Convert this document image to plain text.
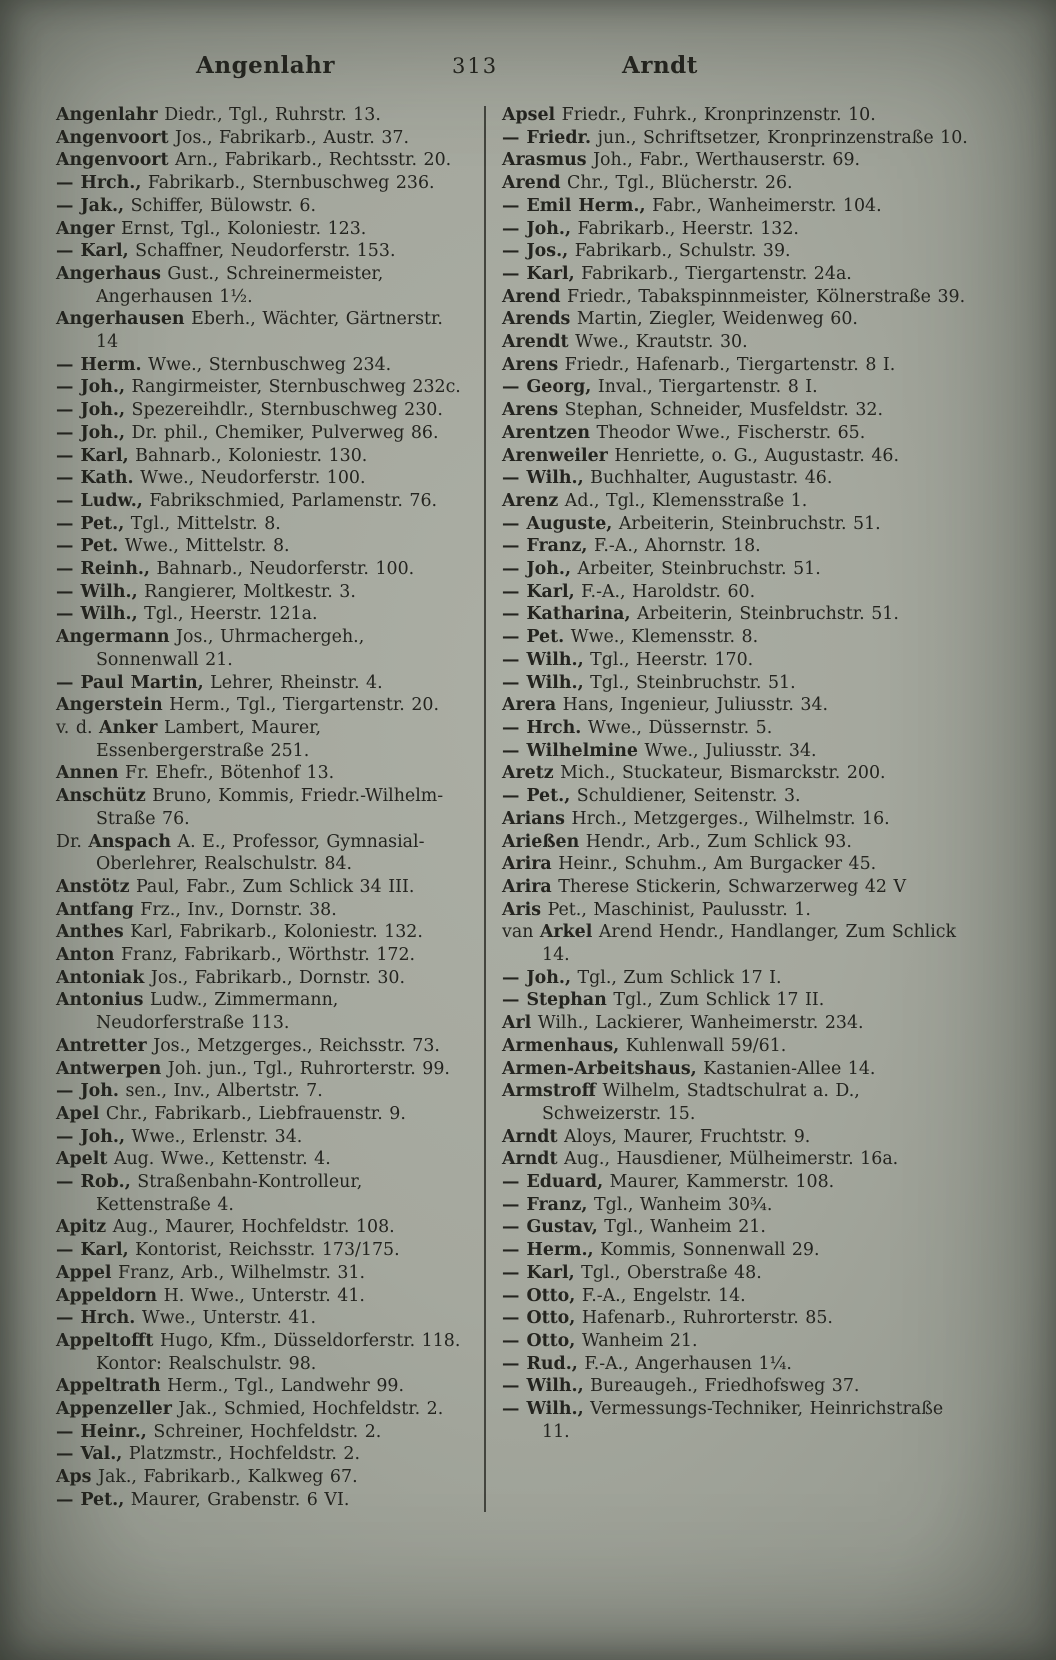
Angenlahr	313	Arndt

Angenlahr Diedr., Tgl., Ruhrstr. 13.

Angenvoort Jos., Fabrikarb., Austr. 37.

Angenvoort Arn., Fabrikarb., Rechtsstr. 20.

— Hrch., Fabrikarb., Sternbuschweg 236.

— Jak., Schiffer, Bülowstr. 6.

Anger Ernst, Tgl., Koloniestr. 123.

— Karl, Schaffner, Neudorferstr. 153.

Angerhaus Gust., Schreinermeister, Angerhausen 1½.

Angerhausen Eberh., Wächter, Gärtnerstr. 14

— Herm. Wwe., Sternbuschweg 234.

— Joh., Rangirmeister, Sternbuschweg 232c.

— Joh., Spezereihdlr., Sternbuschweg 230.

— Joh., Dr. phil., Chemiker, Pulverweg 86.

— Karl, Bahnarb., Koloniestr. 130.

— Kath. Wwe., Neudorferstr. 100.

— Ludw., Fabrikschmied, Parlamenstr. 76.

— Pet., Tgl., Mittelstr. 8.

— Pet. Wwe., Mittelstr. 8.

— Reinh., Bahnarb., Neudorferstr. 100.

— Wilh., Rangierer, Moltkestr. 3.

— Wilh., Tgl., Heerstr. 121a.

Angermann Jos., Uhrmachergeh., Sonnenwall 21.

— Paul Martin, Lehrer, Rheinstr. 4.

Angerstein Herm., Tgl., Tiergartenstr. 20.

v. d. Anker Lambert, Maurer, Essenbergerstraße 251.

Annen Fr. Ehefr., Bötenhof 13.

Anschütz Bruno, Kommis, Friedr.-Wilhelm-Straße 76.

Dr. Anspach A. E., Professor, Gymnasial-Oberlehrer, Realschulstr. 84.

Anstötz Paul, Fabr., Zum Schlick 34 III.

Antfang Frz., Inv., Dornstr. 38.

Anthes Karl, Fabrikarb., Koloniestr. 132.

Anton Franz, Fabrikarb., Wörthstr. 172.

Antoniak Jos., Fabrikarb., Dornstr. 30.

Antonius Ludw., Zimmermann, Neudorferstraße 113.

Antretter Jos., Metzgerges., Reichsstr. 73.

Antwerpen Joh. jun., Tgl., Ruhrorterstr. 99.

— Joh. sen., Inv., Albertstr. 7.

Apel Chr., Fabrikarb., Liebfrauenstr. 9.

— Joh., Wwe., Erlenstr. 34.

Apelt Aug. Wwe., Kettenstr. 4.

— Rob., Straßenbahn-Kontrolleur, Kettenstraße 4.

Apitz Aug., Maurer, Hochfeldstr. 108.

— Karl, Kontorist, Reichsstr. 173/175.

Appel Franz, Arb., Wilhelmstr. 31.

Appeldorn H. Wwe., Unterstr. 41.

— Hrch. Wwe., Unterstr. 41.

Appeltofft Hugo, Kfm., Düsseldorferstr. 118. Kontor: Realschulstr. 98.

Appeltrath Herm., Tgl., Landwehr 99.

Appenzeller Jak., Schmied, Hochfeldstr. 2.

— Heinr., Schreiner, Hochfeldstr. 2.

— Val., Platzmstr., Hochfeldstr. 2.

Aps Jak., Fabrikarb., Kalkweg 67.

— Pet., Maurer, Grabenstr. 6 VI.

Apsel Friedr., Fuhrk., Kronprinzenstr. 10.

— Friedr. jun., Schriftsetzer, Kronprinzenstraße 10.

Arasmus Joh., Fabr., Werthauserstr. 69.

Arend Chr., Tgl., Blücherstr. 26.

— Emil Herm., Fabr., Wanheimerstr. 104.

— Joh., Fabrikarb., Heerstr. 132.

— Jos., Fabrikarb., Schulstr. 39.

— Karl, Fabrikarb., Tiergartenstr. 24a.

Arend Friedr., Tabakspinnmeister, Kölnerstraße 39.

Arends Martin, Ziegler, Weidenweg 60.

Arendt Wwe., Krautstr. 30.

Arens Friedr., Hafenarb., Tiergartenstr. 8 I.

— Georg, Inval., Tiergartenstr. 8 I.

Arens Stephan, Schneider, Musfeldstr. 32.

Arentzen Theodor Wwe., Fischerstr. 65.

Arenweiler Henriette, o. G., Augustastr. 46.

— Wilh., Buchhalter, Augustastr. 46.

Arenz Ad., Tgl., Klemensstraße 1.

— Auguste, Arbeiterin, Steinbruchstr. 51.

— Franz, F.-A., Ahornstr. 18.

— Joh., Arbeiter, Steinbruchstr. 51.

— Karl, F.-A., Haroldstr. 60.

— Katharina, Arbeiterin, Steinbruchstr. 51.

— Pet. Wwe., Klemensstr. 8.

— Wilh., Tgl., Heerstr. 170.

— Wilh., Tgl., Steinbruchstr. 51.

Arera Hans, Ingenieur, Juliusstr. 34.

— Hrch. Wwe., Düssernstr. 5.

— Wilhelmine Wwe., Juliusstr. 34.

Aretz Mich., Stuckateur, Bismarckstr. 200.

— Pet., Schuldiener, Seitenstr. 3.

Arians Hrch., Metzgerges., Wilhelmstr. 16.

Arießen Hendr., Arb., Zum Schlick 93.

Arira Heinr., Schuhm., Am Burgacker 45.

Arira Therese Stickerin, Schwarzerweg 42 V

Aris Pet., Maschinist, Paulusstr. 1.

van Arkel Arend Hendr., Handlanger, Zum Schlick 14.

— Joh., Tgl., Zum Schlick 17 I.

— Stephan Tgl., Zum Schlick 17 II.

Arl Wilh., Lackierer, Wanheimerstr. 234.

Armenhaus, Kuhlenwall 59/61.

Armen-Arbeitshaus, Kastanien-Allee 14.

Armstroff Wilhelm, Stadtschulrat a. D., Schweizerstr. 15.

Arndt Aloys, Maurer, Fruchtstr. 9.

Arndt Aug., Hausdiener, Mülheimerstr. 16a.

— Eduard, Maurer, Kammerstr. 108.

— Franz, Tgl., Wanheim 30¾.

— Gustav, Tgl., Wanheim 21.

— Herm., Kommis, Sonnenwall 29.

— Karl, Tgl., Oberstraße 48.

— Otto, F.-A., Engelstr. 14.

— Otto, Hafenarb., Ruhrorterstr. 85.

— Otto, Wanheim 21.

— Rud., F.-A., Angerhausen 1¼.

— Wilh., Bureaugeh., Friedhofsweg 37.

— Wilh., Vermessungs-Techniker, Heinrichstraße 11.
